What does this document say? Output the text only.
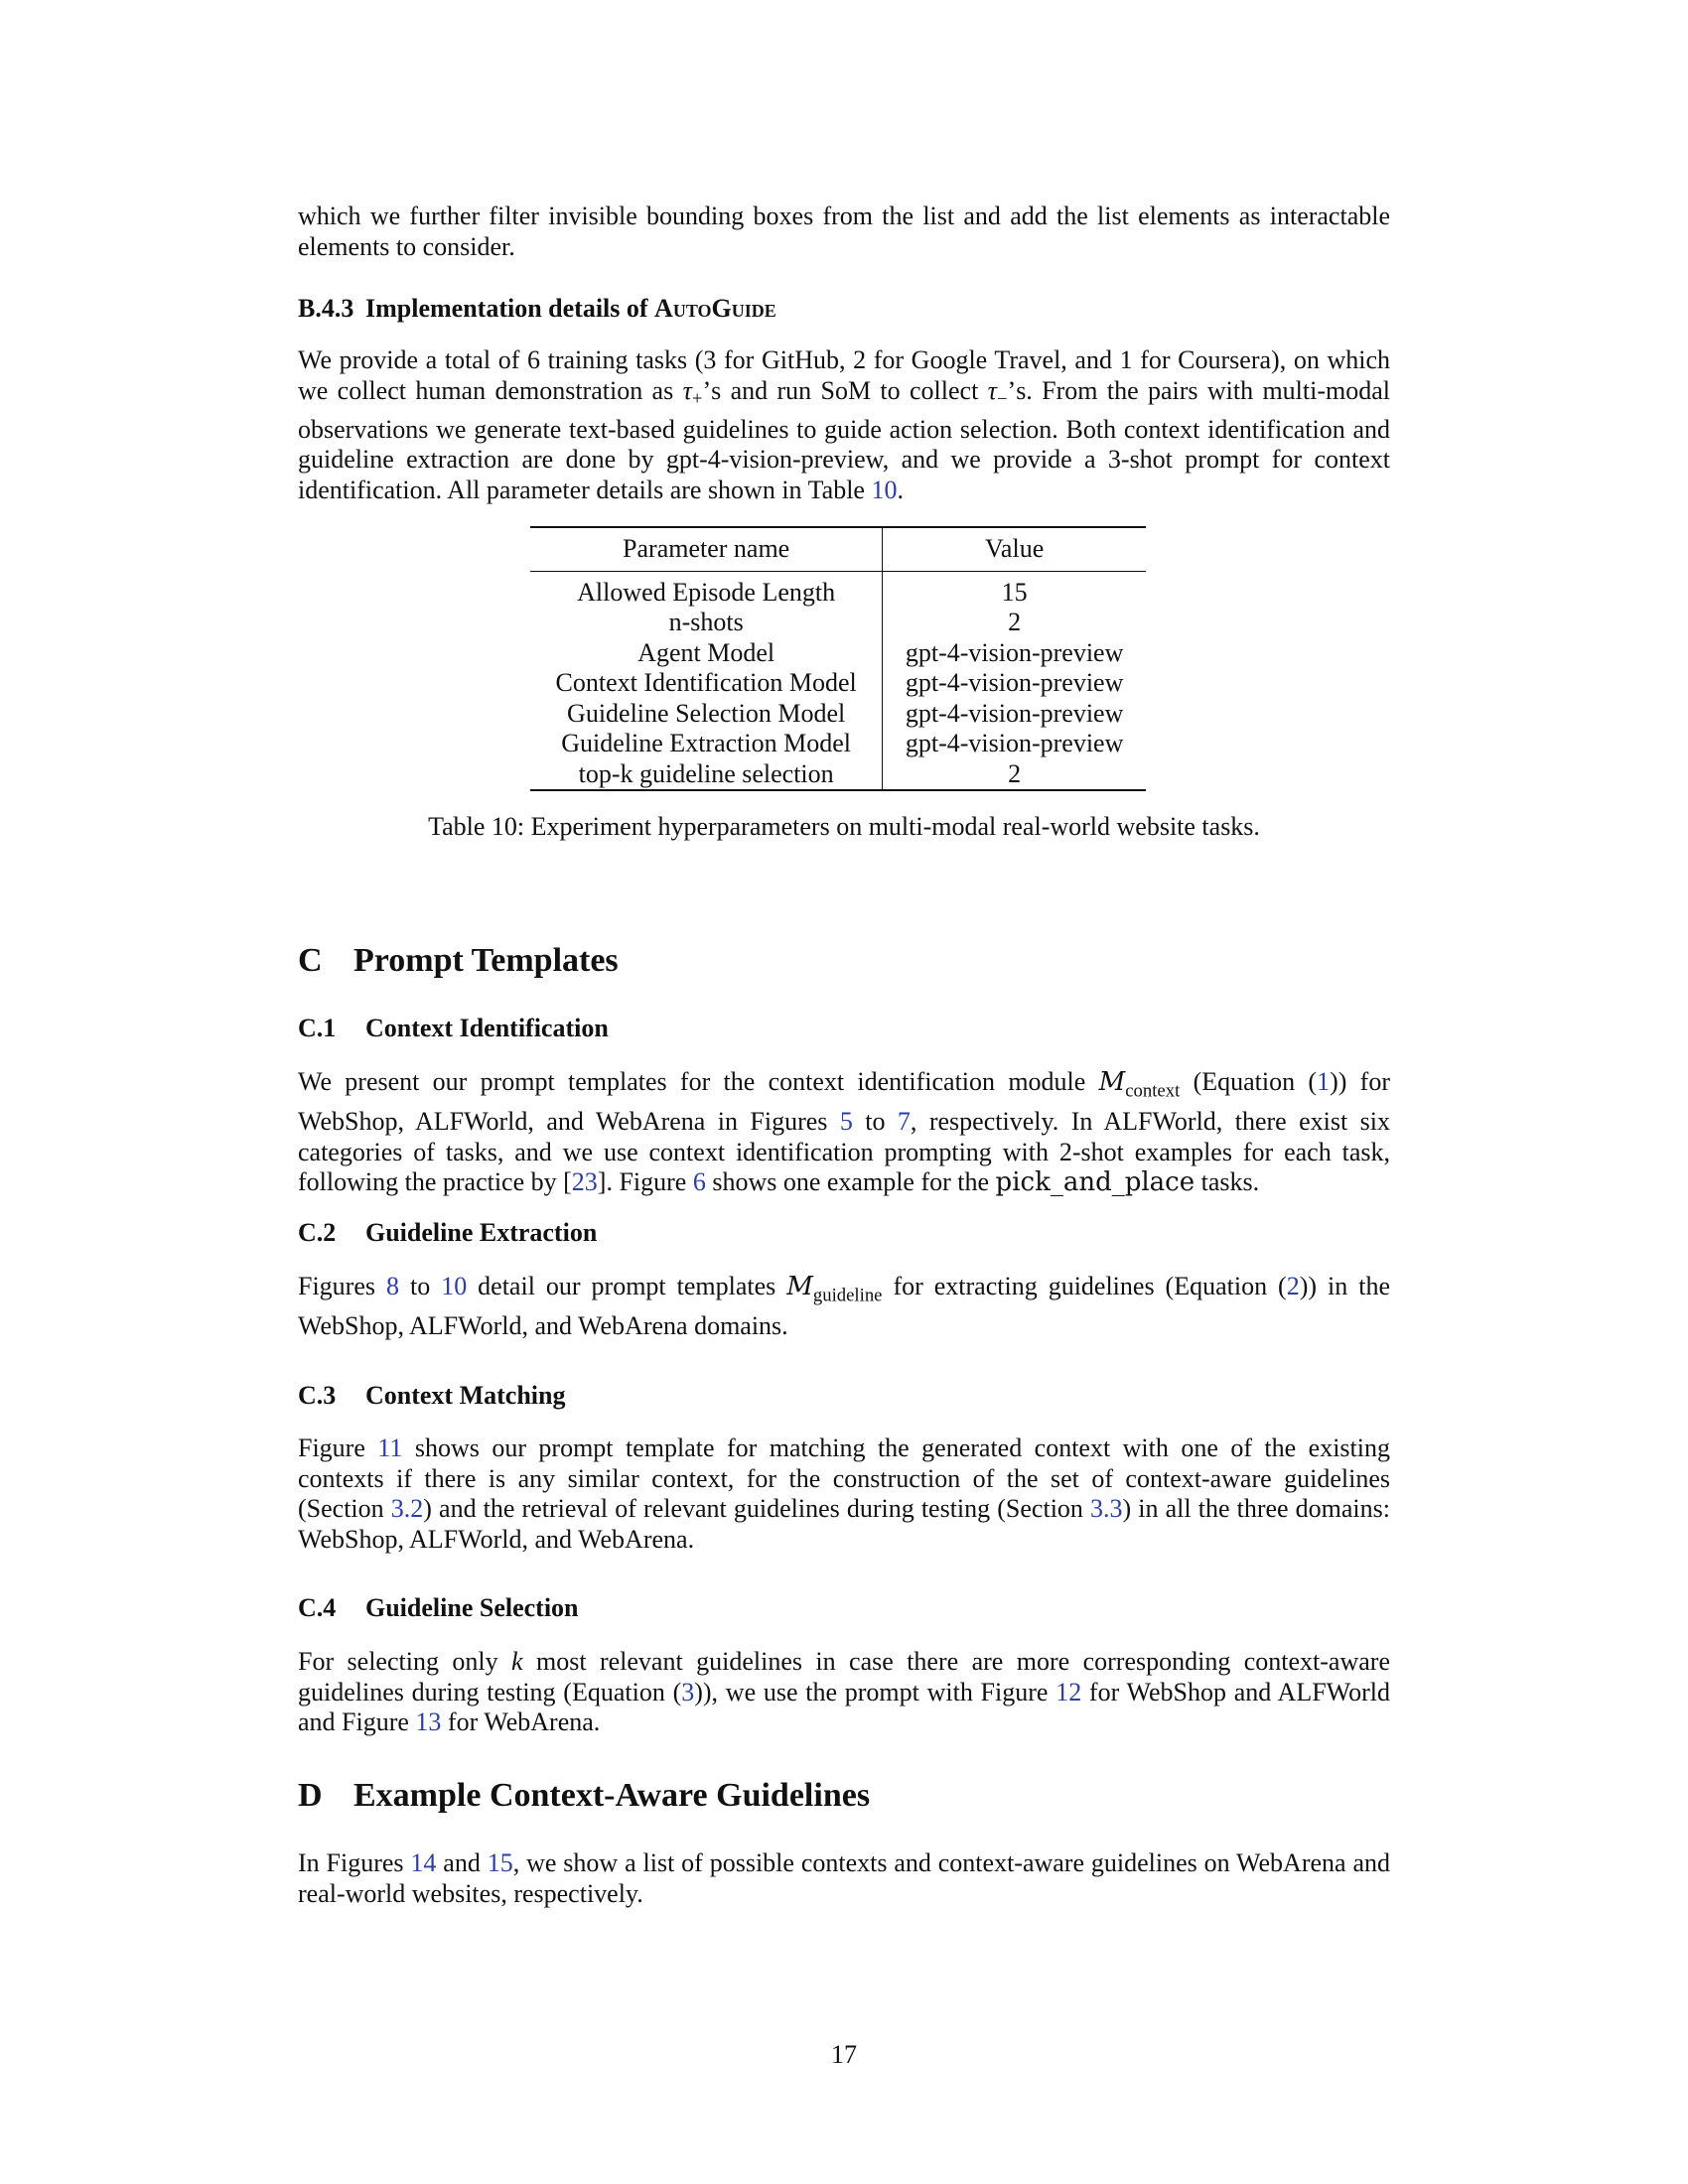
which we further filter invisible bounding boxes from the list and add the list elements as interactable elements to consider.

B.4.3 Implementation details of AutoGuide

We provide a total of 6 training tasks (3 for GitHub, 2 for Google Travel, and 1 for Coursera), on which we collect human demonstration as $\tau_+’s$ and run SoM to collect $\tau_-’s$. From the pairs with multi-modal observations we generate text-based guidelines to guide action selection. Both context identification and guideline extraction are done by gpt-4-vision-preview, and we provide a 3-shot prompt for context identification. All parameter details are shown in Table 10.

Parameter name	Value
Allowed Episode Length	15
n-shots	2
Agent Model	gpt-4-vision-preview
Context Identification Model	gpt-4-vision-preview
Guideline Selection Model	gpt-4-vision-preview
Guideline Extraction Model	gpt-4-vision-preview
top-k guideline selection	2
Table 10: Experiment hyperparameters on multi-modal real-world website tasks.
C Prompt Templates
C.1 Context Identification

We present our prompt templates for the context identification module $M_{context}$ (Equation (1)) for WebShop, ALFWorld, and WebArena in Figures 5 to 7, respectively. In ALFWorld, there exist six categories of tasks, and we use context identification prompting with 2-shot examples for each task, following the practice by [23]. Figure 6 shows one example for the pick_and_place tasks.

C.2 Guideline Extraction

Figures 8 to 10 detail our prompt templates $M_{guideline}$ for extracting guidelines (Equation (2)) in the WebShop, ALFWorld, and WebArena domains.

C.3 Context Matching

Figure 11 shows our prompt template for matching the generated context with one of the existing contexts if there is any similar context, for the construction of the set of context-aware guidelines (Section 3.2) and the retrieval of relevant guidelines during testing (Section 3.3) in all the three domains: WebShop, ALFWorld, and WebArena.

C.4 Guideline Selection

For selecting only k most relevant guidelines in case there are more corresponding context-aware guidelines during testing (Equation (3)), we use the prompt with Figure 12 for WebShop and ALFWorld and Figure 13 for WebArena.

D Example Context-Aware Guidelines

In Figures 14 and 15, we show a list of possible contexts and context-aware guidelines on WebArena and real-world websites, respectively.

17
